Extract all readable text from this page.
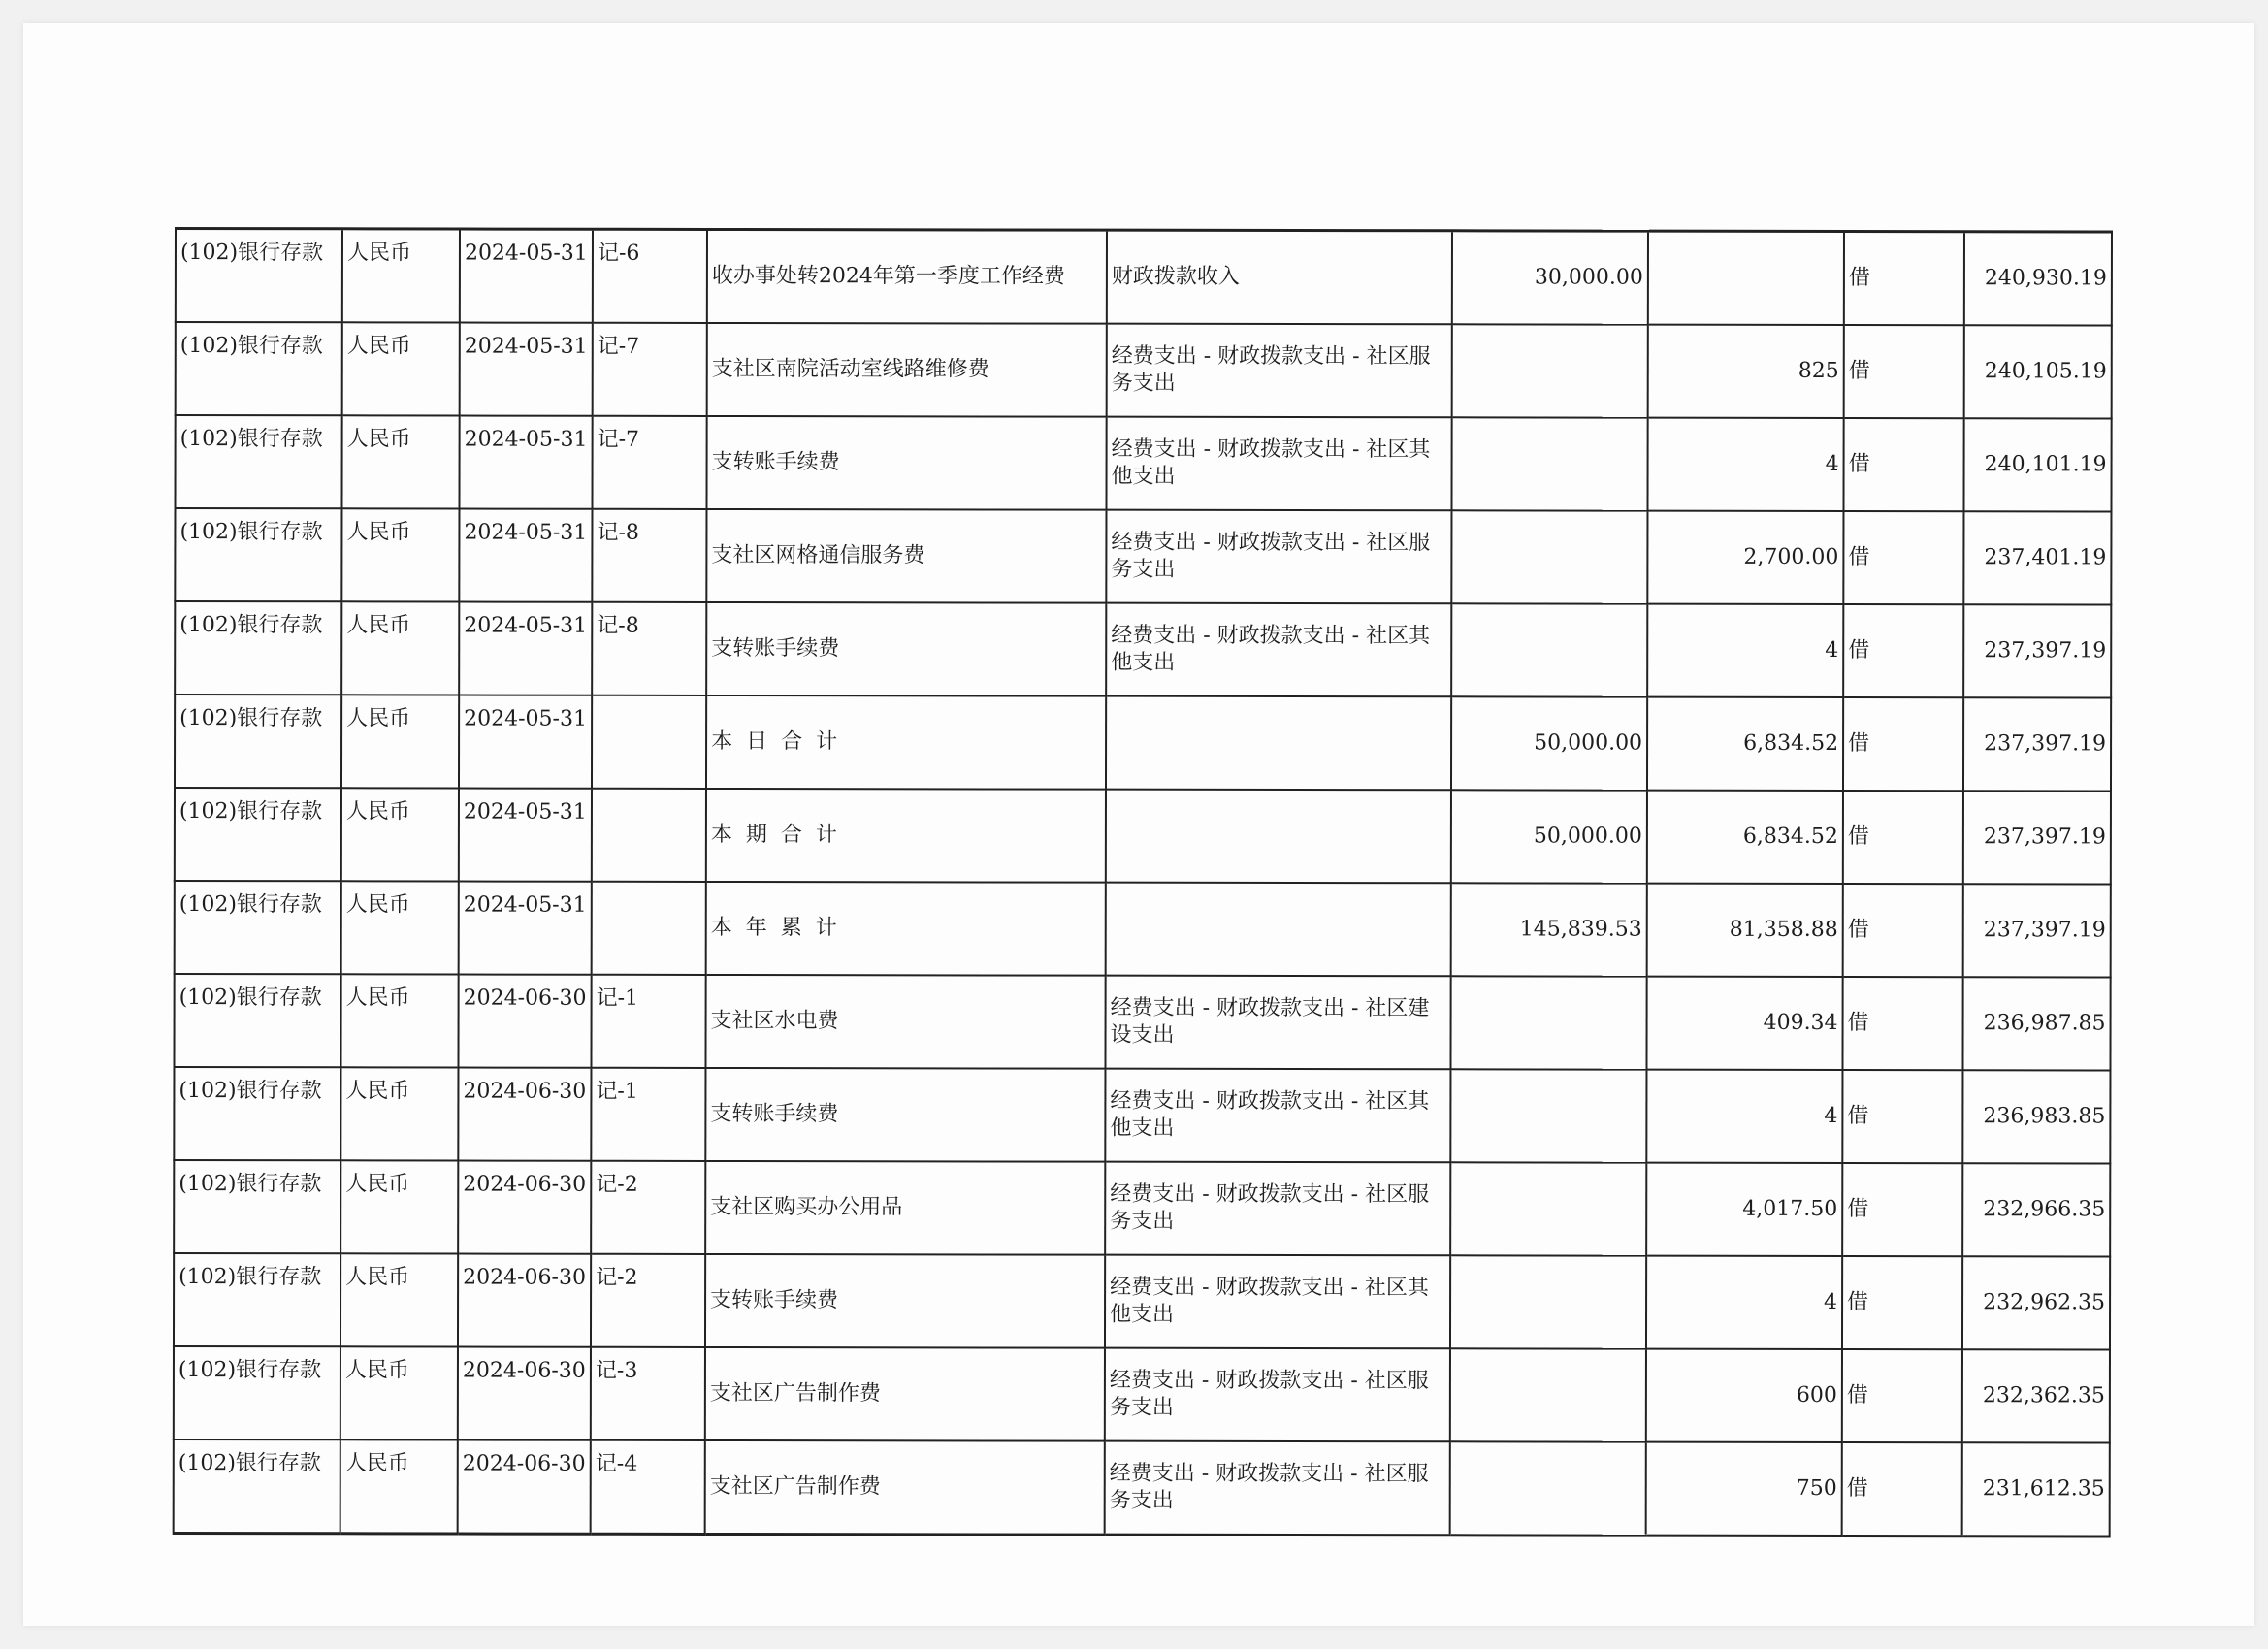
(102)银行存款	人民币	2024-05-31	记-6	收办事处转2024年第一季度工作经费	财政拨款收入	30,000.00		借	240,930.19
(102)银行存款	人民币	2024-05-31	记-7	支社区南院活动室线路维修费	经费支出 - 财政拨款支出 - 社区服务支出		825	借	240,105.19
(102)银行存款	人民币	2024-05-31	记-7	支转账手续费	经费支出 - 财政拨款支出 - 社区其他支出		4	借	240,101.19
(102)银行存款	人民币	2024-05-31	记-8	支社区网格通信服务费	经费支出 - 财政拨款支出 - 社区服务支出		2,700.00	借	237,401.19
(102)银行存款	人民币	2024-05-31	记-8	支转账手续费	经费支出 - 财政拨款支出 - 社区其他支出		4	借	237,397.19
(102)银行存款	人民币	2024-05-31		本日合计		50,000.00	6,834.52	借	237,397.19
(102)银行存款	人民币	2024-05-31		本期合计		50,000.00	6,834.52	借	237,397.19
(102)银行存款	人民币	2024-05-31		本年累计		145,839.53	81,358.88	借	237,397.19
(102)银行存款	人民币	2024-06-30	记-1	支社区水电费	经费支出 - 财政拨款支出 - 社区建设支出		409.34	借	236,987.85
(102)银行存款	人民币	2024-06-30	记-1	支转账手续费	经费支出 - 财政拨款支出 - 社区其他支出		4	借	236,983.85
(102)银行存款	人民币	2024-06-30	记-2	支社区购买办公用品	经费支出 - 财政拨款支出 - 社区服务支出		4,017.50	借	232,966.35
(102)银行存款	人民币	2024-06-30	记-2	支转账手续费	经费支出 - 财政拨款支出 - 社区其他支出		4	借	232,962.35
(102)银行存款	人民币	2024-06-30	记-3	支社区广告制作费	经费支出 - 财政拨款支出 - 社区服务支出		600	借	232,362.35
(102)银行存款	人民币	2024-06-30	记-4	支社区广告制作费	经费支出 - 财政拨款支出 - 社区服务支出		750	借	231,612.35
